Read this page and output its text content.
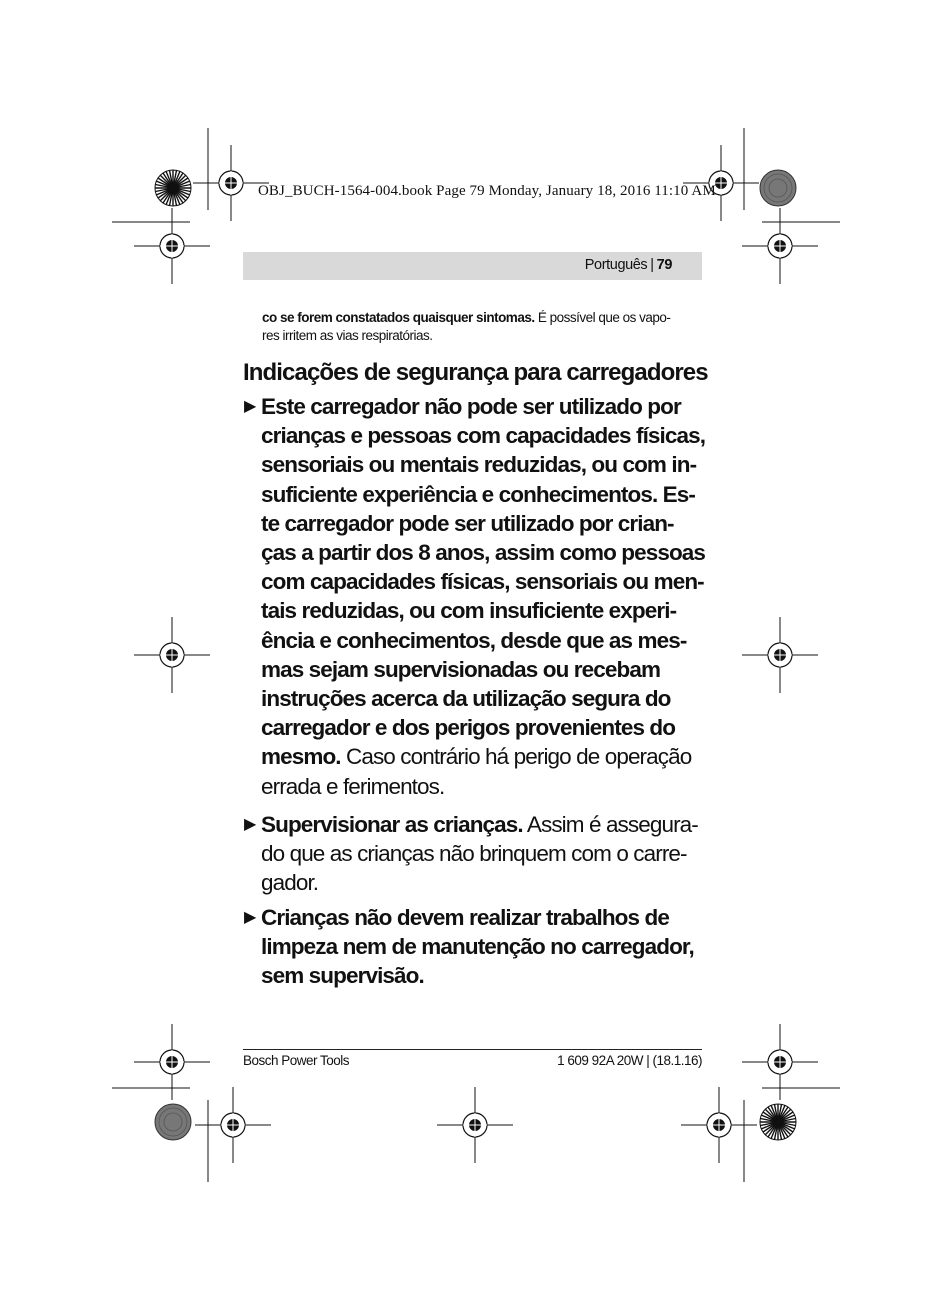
OBJ_BUCH-1564-004.book Page 79 Monday, January 18, 2016 11:10 AM
Português | 79
co se forem constatados quaisquer sintomas. É possível que os vapo-
res irritem as vias respiratórias.
Indicações de segurança para carregadores
▶ Este carregador não pode ser utilizado por
crianças e pessoas com capacidades físicas,
sensoriais ou mentais reduzidas, ou com in-
suficiente experiência e conhecimentos. Es-
te carregador pode ser utilizado por crian-
ças a partir dos 8 anos, assim como pessoas
com capacidades físicas, sensoriais ou men-
tais reduzidas, ou com insuficiente experi-
ência e conhecimentos, desde que as mes-
mas sejam supervisionadas ou recebam
instruções acerca da utilização segura do
carregador e dos perigos provenientes do
mesmo. Caso contrário há perigo de operação
errada e ferimentos.
▶ Supervisionar as crianças. Assim é assegura-
do que as crianças não brinquem com o carre-
gador.
▶ Crianças não devem realizar trabalhos de
limpeza nem de manutenção no carregador,
sem supervisão.
Bosch Power Tools	1 609 92A 20W | (18.1.16)
